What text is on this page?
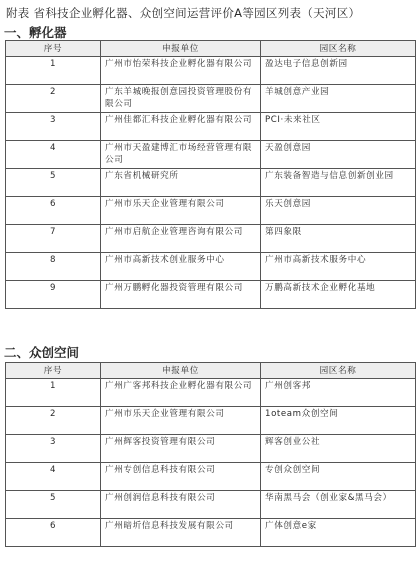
附表 省科技企业孵化器、众创空间运营评价A等园区列表（天河区）
一、孵化器
序号	申报单位	园区名称
1	广州市怡荣科技企业孵化器有限公司	盈达电子信息创新园
2	广东羊城晚报创意园投资管理股份有限公司	羊城创意产业园
3	广州佳都汇科技企业孵化器有限公司	PCI·未来社区
4	广州市天盈建博汇市场经营管理有限公司	天盈创意园
5	广东省机械研究所	广东装备智造与信息创新创业园
6	广州市乐天企业管理有限公司	乐天创意园
7	广州市启航企业管理咨询有限公司	第四象限
8	广州市高新技术创业服务中心	广州市高新技术服务中心
9	广州万鹏孵化器投资管理有限公司	万鹏高新技术企业孵化基地
二、众创空间
序号	申报单位	园区名称
1	广州广客邦科技企业孵化器有限公司	广州创客邦
2	广州市乐天企业管理有限公司	1oteam众创空间
3	广州辉客投资管理有限公司	辉客创业公社
4	广州专创信息科技有限公司	专创众创空间
5	广州创润信息科技有限公司	华南黑马会（创业家&黑马会）
6	广州暗圻信息科技发展有限公司	广体创意e家
